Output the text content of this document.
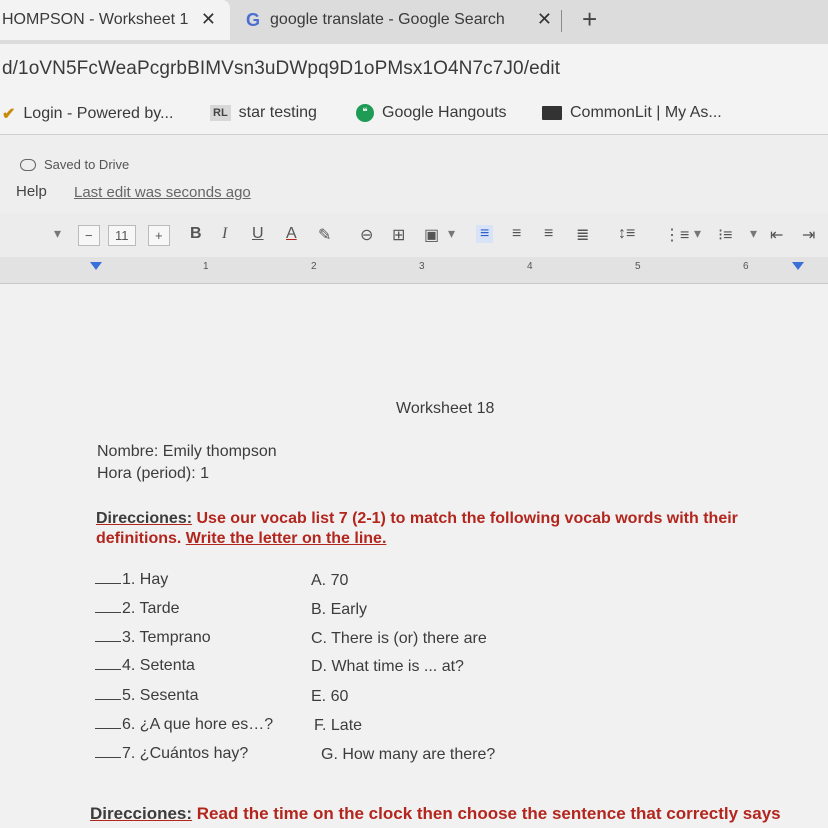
HOMPSON - Worksheet 1 ✕ G google translate - Google Search ✕ +
d/1oVN5FcWeaPcgrbBIMVsn3uDWpq9D1oPMsx1O4N7c7J0/edit
✔ Login - Powered by...	RL star testing	❝ Google Hangouts	CommonLit | My As...
Saved to Drive
Help Last edit was seconds ago
▾	−	11	+	B I U A ✎ ⊖ ⊞ ▣ ▾ ≡ ≡ ≡ ≣ ↕≡ ⋮≡ ▾ ⁝≡ ▾ ⇤ ⇥
1	2	3	4	5	6
Worksheet 18
Nombre: Emily thompson
Hora (period): 1
Direcciones: Use our vocab list 7 (2-1) to match the following vocab words with their
definitions. Write the letter on the line.
1. Hay
2. Tarde
3. Temprano
4. Setenta
5. Sesenta
6. ¿A que hore es…?
7. ¿Cuántos hay?
A. 70
B. Early
C. There is (or) there are
D. What time is ... at?
E. 60
F. Late
G. How many are there?
Direcciones: Read the time on the clock then choose the sentence that correctly says
